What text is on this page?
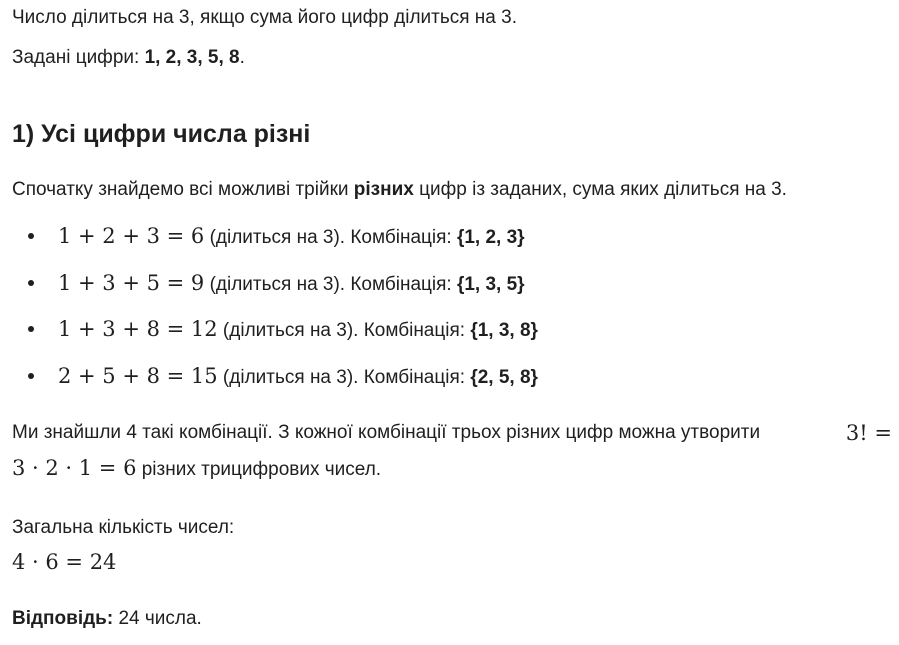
Число ділиться на 3, якщо сума його цифр ділиться на 3.
Задані цифри: 1, 2, 3, 5, 8.
1) Усі цифри числа різні
Спочатку знайдемо всі можливі трійки різних цифр із заданих, сума яких ділиться на 3.
1 + 2 + 3 = 6 (ділиться на 3). Комбінація: {1, 2, 3}
1 + 3 + 5 = 9 (ділиться на 3). Комбінація: {1, 3, 5}
1 + 3 + 8 = 12 (ділиться на 3). Комбінація: {1, 3, 8}
2 + 5 + 8 = 15 (ділиться на 3). Комбінація: {2, 5, 8}
Ми знайшли 4 такі комбінації. З кожної комбінації трьох різних цифр можна утворити	3! =
3 · 2 · 1 = 6 різних трицифрових чисел.
Загальна кількість чисел:
4 · 6 = 24
Відповідь: 24 числа.
